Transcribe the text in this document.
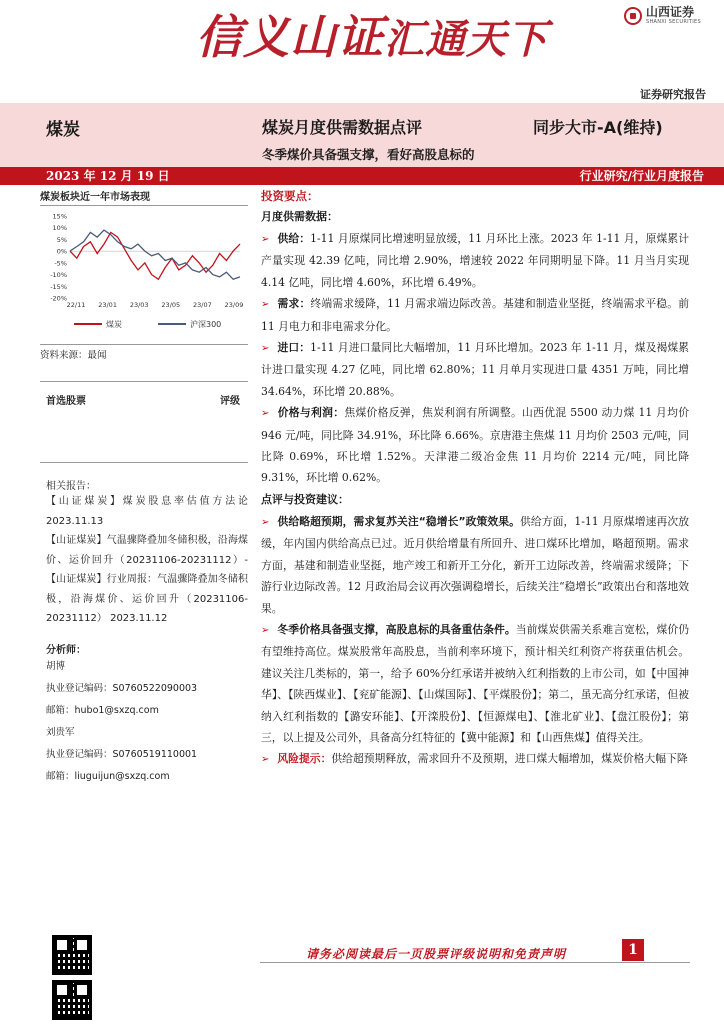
信义山证汇通天下
山西证券
SHANXI SECURITIES
证券研究报告
煤炭	煤炭月度供需数据点评	同步大市-A(维持)
冬季煤价具备强支撑，看好高股息标的
2023 年 12 月 19 日	行业研究/行业月度报告
煤炭板块近一年市场表现
15%
10%
5%
0%
-5%
-10%
-15%
-20%
22/11 23/01 23/03 23/05 23/07 23/09
煤炭	沪深300
资料来源：最闻
首选股票	评级
相关报告：
【山证煤炭】煤炭股息率估值方法论 2023.11.13
【山证煤炭】气温骤降叠加冬储积极，沿海煤价、运价回升（20231106-20231112）-【山证煤炭】行业周报：气温骤降叠加冬储积极，沿海煤价、运价回升（20231106-20231112） 2023.11.12
分析师：
胡博
执业登记编码：S0760522090003
邮箱：hubo1@sxzq.com
刘贵军
执业登记编码：S0760519110001
邮箱：liuguijun@sxzq.com
投资要点：
月度供需数据：

➢ 供给：1-11 月原煤同比增速明显放缓，11 月环比上涨。2023 年 1-11 月，原煤累计产量实现 42.39 亿吨，同比增 2.90%，增速较 2022 年同期明显下降。11 月当月实现 4.14 亿吨，同比增 4.60%，环比增 6.49%。

➢ 需求：终端需求缓降，11 月需求端边际改善。基建和制造业坚挺，终端需求平稳。前 11 月电力和非电需求分化。

➢ 进口：1-11 月进口量同比大幅增加，11 月环比增加。2023 年 1-11 月，煤及褐煤累计进口量实现 4.27 亿吨，同比增 62.80%；11 月单月实现进口量 4351 万吨，同比增 34.64%，环比增 20.88%。

➢ 价格与利润：焦煤价格反弹，焦炭利润有所调整。山西优混 5500 动力煤 11 月均价 946 元/吨，同比降 34.91%，环比降 6.66%。京唐港主焦煤 11 月均价 2503 元/吨，同比降 0.69%，环比增 1.52%。天津港二级冶金焦 11 月均价 2214 元/吨，同比降 9.31%，环比增 0.62%。

点评与投资建议：

➢ 供给略超预期，需求复苏关注“稳增长”政策效果。供给方面，1-11 月原煤增速再次放缓，年内国内供给高点已过。近月供给增量有所回升、进口煤环比增加，略超预期。需求方面，基建和制造业坚挺，地产竣工和新开工分化，新开工边际改善，终端需求缓降；下游行业边际改善。12 月政治局会议再次强调稳增长，后续关注“稳增长”政策出台和落地效果。

➢ 冬季价格具备强支撑，高股息标的具备重估条件。当前煤炭供需关系难言宽松，煤价仍有望维持高位。煤炭股常年高股息，当前利率环境下，预计相关红利资产将获重估机会。建议关注几类标的，第一，给予 60%分红承诺并被纳入红利指数的上市公司，如【中国神华】、【陕西煤业】、【兖矿能源】、【山煤国际】、【平煤股份】；第二，虽无高分红承诺，但被纳入红利指数的【潞安环能】、【开滦股份】、【恒源煤电】、【淮北矿业】、【盘江股份】；第三，以上提及公司外，具备高分红特征的【冀中能源】和【山西焦煤】值得关注。

➢ 风险提示：供给超预期释放，需求回升不及预期，进口煤大幅增加，煤炭价格大幅下降

请务必阅读最后一页股票评级说明和免责声明	1
